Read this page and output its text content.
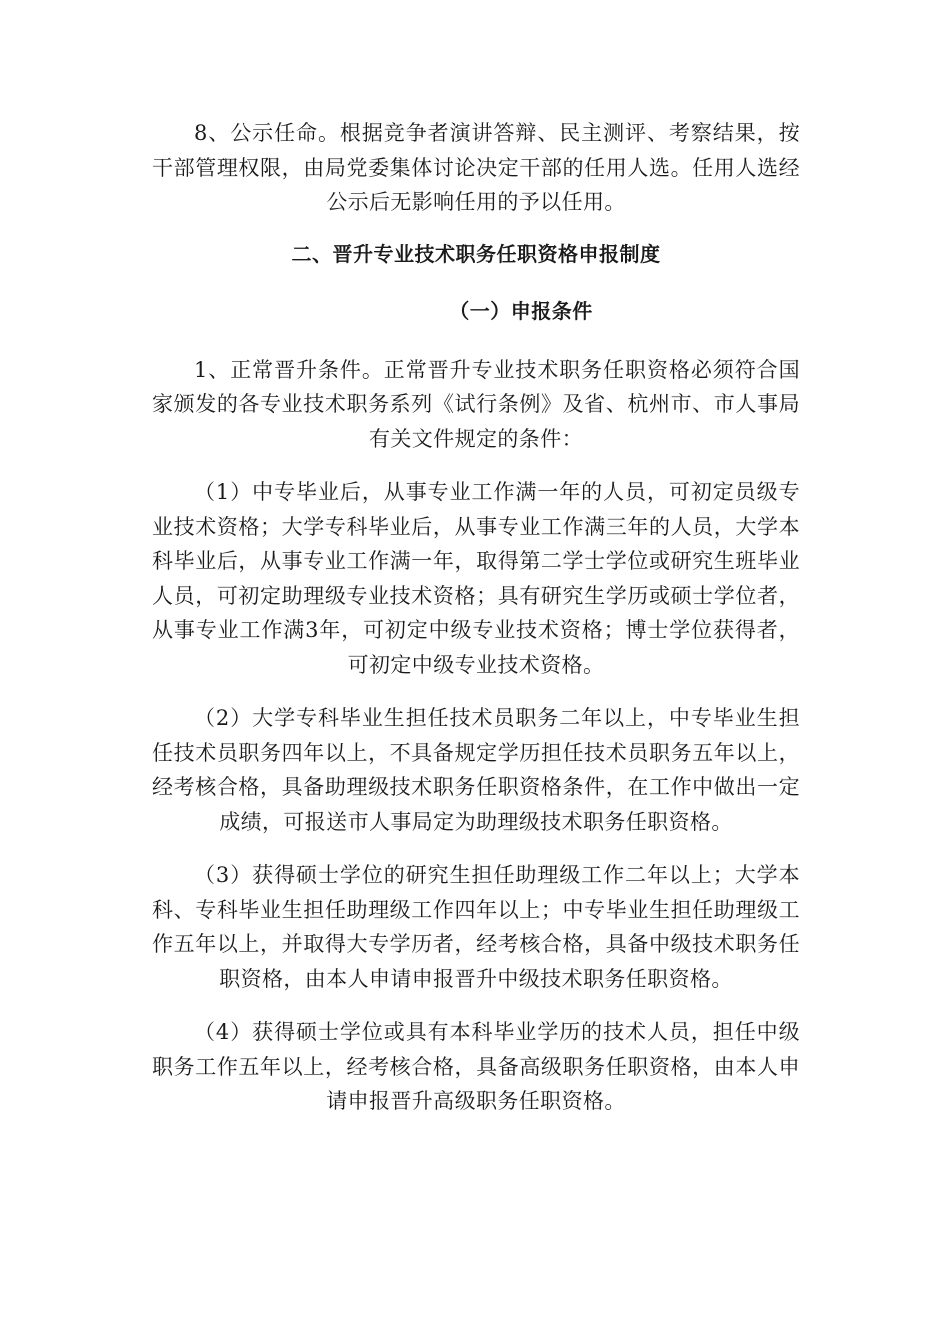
8、公示任命。根据竞争者演讲答辩、民主测评、考察结果，按干部管理权限，由局党委集体讨论决定干部的任用人选。任用人选经公示后无影响任用的予以任用。

二、晋升专业技术职务任职资格申报制度
（一）申报条件

1、正常晋升条件。正常晋升专业技术职务任职资格必须符合国家颁发的各专业技术职务系列《试行条例》及省、杭州市、市人事局有关文件规定的条件：

（1）中专毕业后，从事专业工作满一年的人员，可初定员级专业技术资格；大学专科毕业后，从事专业工作满三年的人员，大学本科毕业后，从事专业工作满一年，取得第二学士学位或研究生班毕业人员，可初定助理级专业技术资格；具有研究生学历或硕士学位者，从事专业工作满3年，可初定中级专业技术资格；博士学位获得者，可初定中级专业技术资格。

（2）大学专科毕业生担任技术员职务二年以上，中专毕业生担任技术员职务四年以上，不具备规定学历担任技术员职务五年以上，经考核合格，具备助理级技术职务任职资格条件，在工作中做出一定成绩，可报送市人事局定为助理级技术职务任职资格。

（3）获得硕士学位的研究生担任助理级工作二年以上；大学本科、专科毕业生担任助理级工作四年以上；中专毕业生担任助理级工作五年以上，并取得大专学历者，经考核合格，具备中级技术职务任职资格，由本人申请申报晋升中级技术职务任职资格。

（4）获得硕士学位或具有本科毕业学历的技术人员，担任中级职务工作五年以上，经考核合格，具备高级职务任职资格，由本人申请申报晋升高级职务任职资格。
